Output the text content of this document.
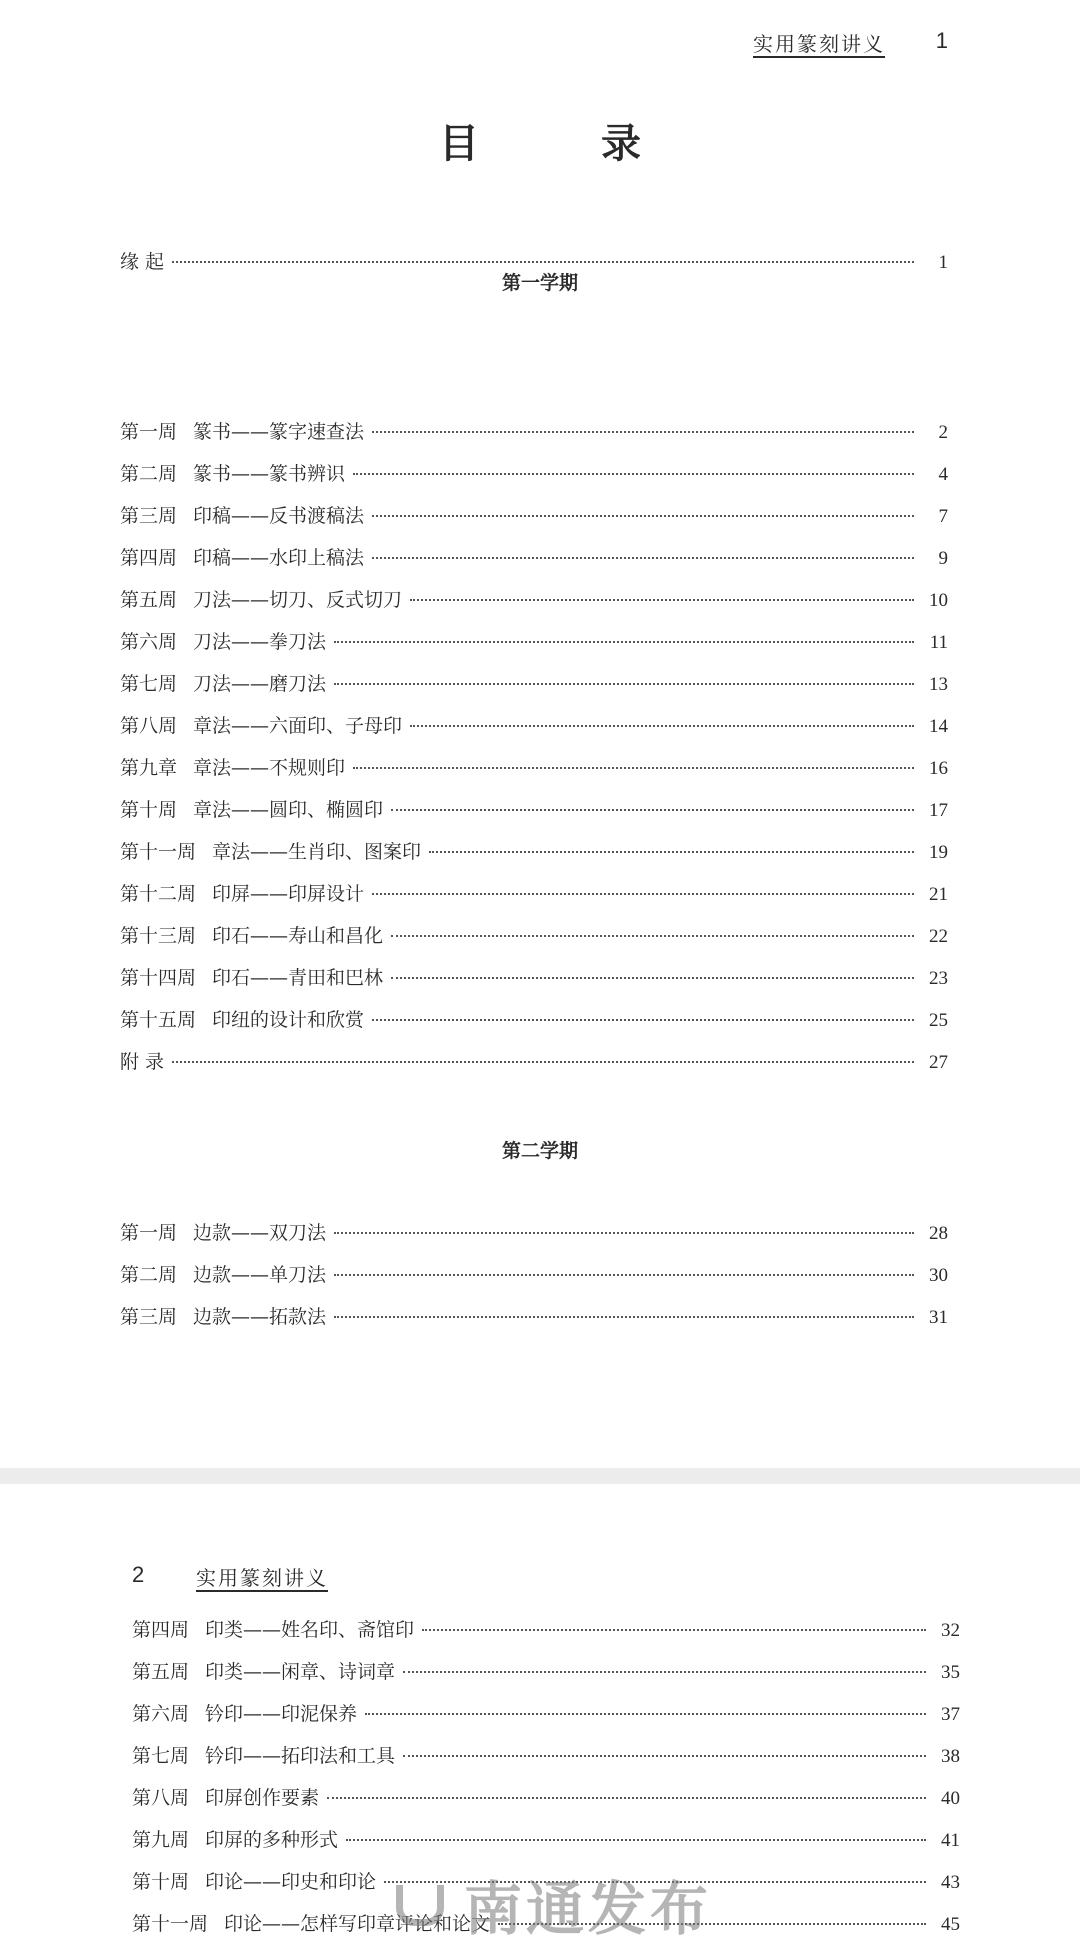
实用篆刻讲义 1
目 录
缘 起	1
第一学期
第一周 篆书——篆字速查法	2
第二周 篆书——篆书辨识	4
第三周 印稿——反书渡稿法	7
第四周 印稿——水印上稿法	9
第五周 刀法——切刀、反式切刀	10
第六周 刀法——拳刀法	11
第七周 刀法——磨刀法	13
第八周 章法——六面印、子母印	14
第九章 章法——不规则印	16
第十周 章法——圆印、椭圆印	17
第十一周 章法——生肖印、图案印	19
第十二周 印屏——印屏设计	21
第十三周 印石——寿山和昌化	22
第十四周 印石——青田和巴林	23
第十五周 印纽的设计和欣赏	25
附 录	27
第二学期
第一周 边款——双刀法	28
第二周 边款——单刀法	30
第三周 边款——拓款法	31
2	实用篆刻讲义
第四周 印类——姓名印、斋馆印	32
第五周 印类——闲章、诗词章	35
第六周 钤印——印泥保养	37
第七周 钤印——拓印法和工具	38
第八周 印屏创作要素	40
第九周 印屏的多种形式	41
第十周 印论——印史和印论	43
第十一周 印论——怎样写印章评论和论文	45
南通发布
